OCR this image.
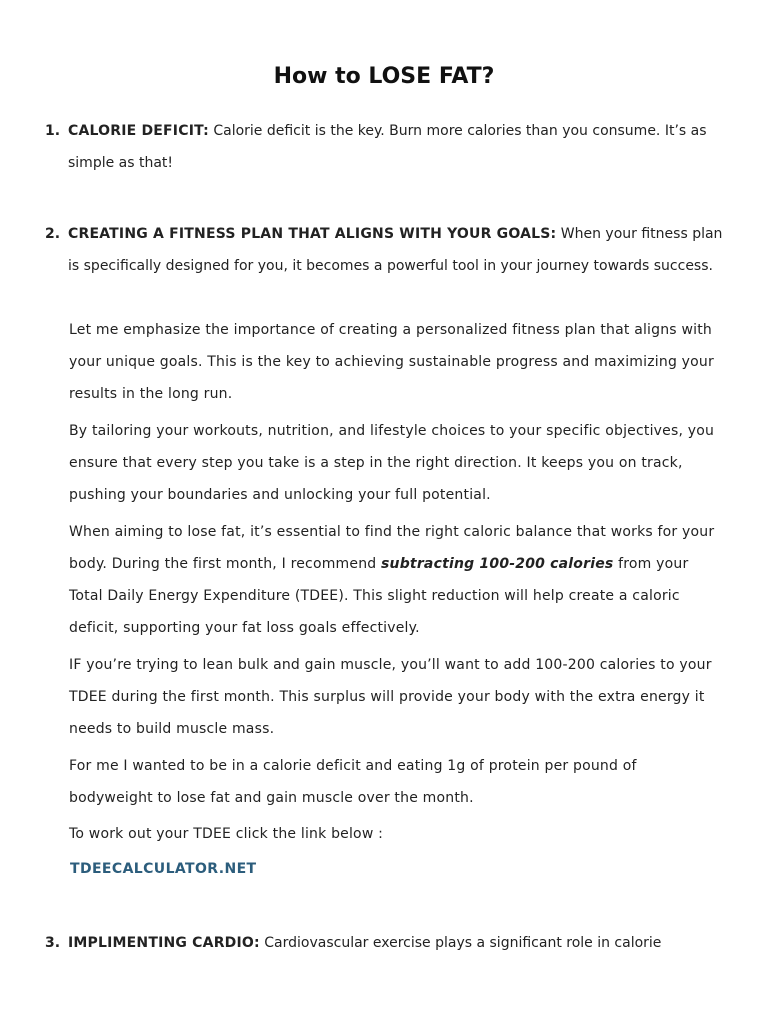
How to LOSE FAT?
1. CALORIE DEFICIT: Calorie deficit is the key. Burn more calories than you consume. It’s as simple as that!

2. CREATING A FITNESS PLAN THAT ALIGNS WITH YOUR GOALS: When your fitness plan is specifically designed for you, it becomes a powerful tool in your journey towards success.

Let me emphasize the importance of creating a personalized fitness plan that aligns with your unique goals. This is the key to achieving sustainable progress and maximizing your results in the long run.

By tailoring your workouts, nutrition, and lifestyle choices to your specific objectives, you ensure that every step you take is a step in the right direction. It keeps you on track, pushing your boundaries and unlocking your full potential.

When aiming to lose fat, it’s essential to find the right caloric balance that works for your body. During the first month, I recommend subtracting 100-200 calories from your Total Daily Energy Expenditure (TDEE). This slight reduction will help create a caloric deficit, supporting your fat loss goals effectively.

IF you’re trying to lean bulk and gain muscle, you’ll want to add 100-200 calories to your TDEE during the first month. This surplus will provide your body with the extra energy it needs to build muscle mass.

For me I wanted to be in a calorie deficit and eating 1g of protein per pound of bodyweight to lose fat and gain muscle over the month.

To work out your TDEE click the link below :

TDEECALCULATOR.NET
3. IMPLIMENTING CARDIO: Cardiovascular exercise plays a significant role in calorie
